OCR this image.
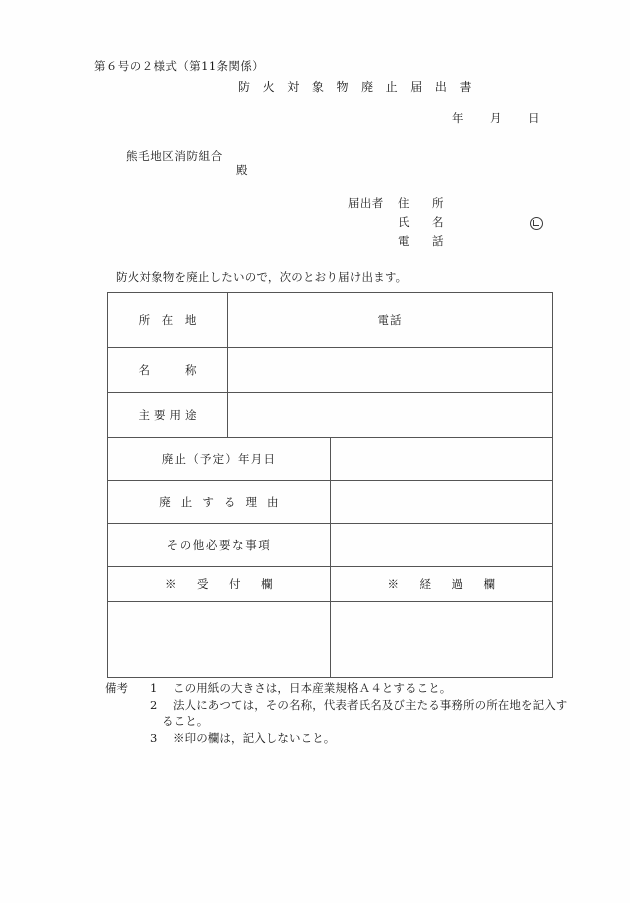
第６号の２様式（第11条関係）
防 火 対 象 物 廃 止 届 出 書
年 月 日
熊毛地区消防組合
殿
届出者 住　所
氏　名
電　話
防火対象物を廃止したいので，次のとおり届け出ます。
所 在 地	電話	

名　　称		
主要用途		
廃止（予定）年月日		
廃 止 す る 理 由		
その他必要な事項		
※　受　付　欄		※　経　過　欄

備考 1 この用紙の大きさは，日本産業規格Ａ４とすること。
2 法人にあつては，その名称，代表者氏名及び主たる事務所の所在地を記入す
ること。
3 ※印の欄は，記入しないこと。
